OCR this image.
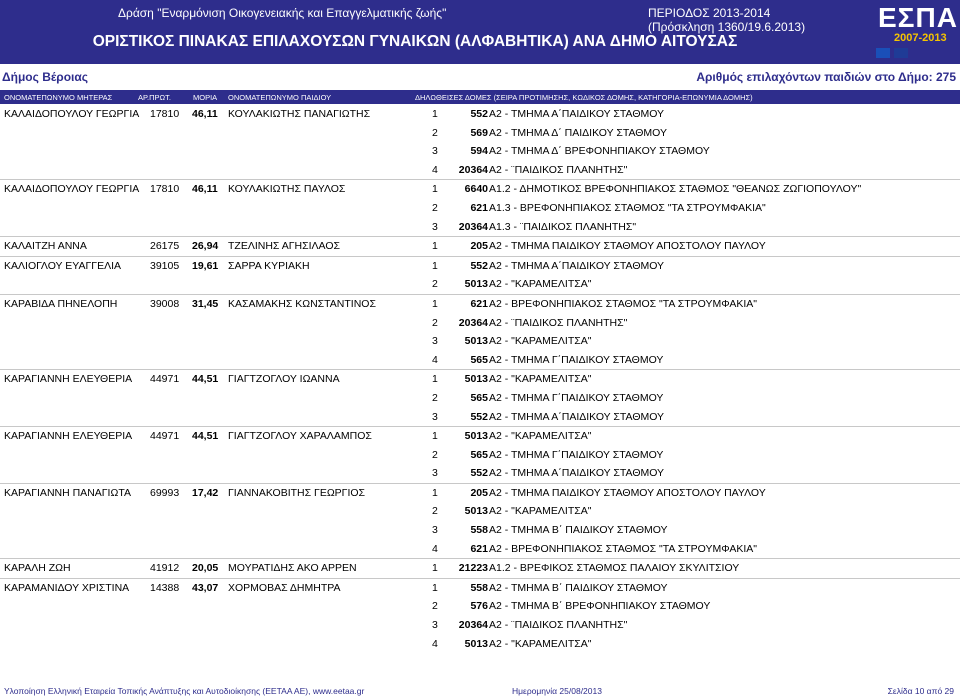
Δράση "Εναρμόνιση Οικογενειακής και Επαγγελματικής ζωής"	ΠΕΡΙΟΔΟΣ 2013-2014 (Πρόσκληση 1360/19.6.2013)
ΟΡΙΣΤΙΚΟΣ ΠΙΝΑΚΑΣ ΕΠΙΛΑΧΟΥΣΩΝ ΓΥΝΑΙΚΩΝ (ΑΛΦΑΒΗΤΙΚΑ) ΑΝΑ ΔΗΜΟ ΑΙΤΟΥΣΑΣ
ΕΣΠΑ
2007-2013
Δήμος Βέροιας	Αριθμός επιλαχόντων παιδιών στο Δήμο: 275
ΟΝΟΜΑΤΕΠΩΝΥΜΟ ΜΗΤΕΡΑΣ	ΑΡ.ΠΡΩΤ.	ΜΟΡΙΑ ΟΝΟΜΑΤΕΠΩΝΥΜΟ ΠΑΙΔΙΟΥ	ΔΗΛΩΘΕΙΣΕΣ ΔΟΜΕΣ (ΣΕΙΡΑ ΠΡΟΤΙΜΗΣΗΣ, ΚΩΔΙΚΟΣ ΔΟΜΗΣ, ΚΑΤΗΓΟΡΙΑ-ΕΠΩΝΥΜΙΑ ΔΟΜΗΣ)
ΚΑΛΑΙΔΟΠΟΥΛΟΥ ΓΕΩΡΓΙΑ 17810 46,11 ΚΟΥΛΑΚΙΩΤΗΣ ΠΑΝΑΓΙΩΤΗΣ	1	552 Α2 - ΤΜΗΜΑ Α΄ΠΑΙΔΙΚΟΥ ΣΤΑΘΜΟΥ
2	569 Α2 - ΤΜΗΜΑ Δ΄ ΠΑΙΔΙΚΟΥ ΣΤΑΘΜΟΥ
3	594 Α2 - ΤΜΗΜΑ Δ΄ ΒΡΕΦΟΝΗΠΙΑΚΟΥ ΣΤΑΘΜΟΥ
4	20364 Α2 - ¨ΠΑΙΔΙΚΟΣ ΠΛΑΝΗΤΗΣ"
ΚΑΛΑΙΔΟΠΟΥΛΟΥ ΓΕΩΡΓΙΑ 17810 46,11 ΚΟΥΛΑΚΙΩΤΗΣ ΠΑΥΛΟΣ	1	6640 Α1.2 - ΔΗΜΟΤΙΚΟΣ ΒΡΕΦΟΝΗΠΙΑΚΟΣ ΣΤΑΘΜΟΣ "ΘΕΑΝΩΣ ΖΩΓΙΟΠΟΥΛΟΥ"
2	621 Α1.3 - ΒΡΕΦΟΝΗΠΙΑΚΟΣ ΣΤΑΘΜΟΣ "ΤΑ ΣΤΡΟΥΜΦΑΚΙΑ"
3	20364 Α1.3 - ¨ΠΑΙΔΙΚΟΣ ΠΛΑΝΗΤΗΣ"
ΚΑΛΑΙΤΖΗ ΑΝΝΑ	26175 26,94 ΤΖΕΛΙΝΗΣ ΑΓΗΣΙΛΑΟΣ	1	205 Α2 - ΤΜΗΜΑ ΠΑΙΔΙΚΟΥ ΣΤΑΘΜΟΥ ΑΠΟΣΤΟΛΟΥ ΠΑΥΛΟΥ
ΚΑΛΙΟΓΛΟΥ ΕΥΑΓΓΕΛΙΑ	39105 19,61 ΣΑΡΡΑ ΚΥΡΙΑΚΗ	1	552 Α2 - ΤΜΗΜΑ Α΄ΠΑΙΔΙΚΟΥ ΣΤΑΘΜΟΥ
2	5013 Α2 - "ΚΑΡΑΜΕΛΙΤΣΑ"
ΚΑΡΑΒΙΔΑ ΠΗΝΕΛΟΠΗ	39008 31,45 ΚΑΣΑΜΑΚΗΣ ΚΩΝΣΤΑΝΤΙΝΟΣ	1	621 Α2 - ΒΡΕΦΟΝΗΠΙΑΚΟΣ ΣΤΑΘΜΟΣ "ΤΑ ΣΤΡΟΥΜΦΑΚΙΑ"
2	20364 Α2 - ¨ΠΑΙΔΙΚΟΣ ΠΛΑΝΗΤΗΣ"
3	5013 Α2 - "ΚΑΡΑΜΕΛΙΤΣΑ"
4	565 Α2 - ΤΜΗΜΑ Γ΄ΠΑΙΔΙΚΟΥ ΣΤΑΘΜΟΥ
ΚΑΡΑΓΙΑΝΝΗ ΕΛΕΥΘΕΡΙΑ 44971 44,51 ΓΙΑΓΤΖΟΓΛΟΥ ΙΩΑΝΝΑ	1	5013 Α2 - "ΚΑΡΑΜΕΛΙΤΣΑ"
2	565 Α2 - ΤΜΗΜΑ Γ΄ΠΑΙΔΙΚΟΥ ΣΤΑΘΜΟΥ
3	552 Α2 - ΤΜΗΜΑ Α΄ΠΑΙΔΙΚΟΥ ΣΤΑΘΜΟΥ
ΚΑΡΑΓΙΑΝΝΗ ΕΛΕΥΘΕΡΙΑ 44971 44,51 ΓΙΑΓΤΖΟΓΛΟΥ ΧΑΡΑΛΑΜΠΟΣ	1	5013 Α2 - "ΚΑΡΑΜΕΛΙΤΣΑ"
2	565 Α2 - ΤΜΗΜΑ Γ΄ΠΑΙΔΙΚΟΥ ΣΤΑΘΜΟΥ
3	552 Α2 - ΤΜΗΜΑ Α΄ΠΑΙΔΙΚΟΥ ΣΤΑΘΜΟΥ
ΚΑΡΑΓΙΑΝΝΗ ΠΑΝΑΓΙΩΤΑ 69993 17,42 ΓΙΑΝΝΑΚΟΒΙΤΗΣ ΓΕΩΡΓΙΟΣ	1	205 Α2 - ΤΜΗΜΑ ΠΑΙΔΙΚΟΥ ΣΤΑΘΜΟΥ ΑΠΟΣΤΟΛΟΥ ΠΑΥΛΟΥ
2	5013 Α2 - "ΚΑΡΑΜΕΛΙΤΣΑ"
3	558 Α2 - ΤΜΗΜΑ Β΄ ΠΑΙΔΙΚΟΥ ΣΤΑΘΜΟΥ
4	621 Α2 - ΒΡΕΦΟΝΗΠΙΑΚΟΣ ΣΤΑΘΜΟΣ "ΤΑ ΣΤΡΟΥΜΦΑΚΙΑ"
ΚΑΡΑΛΗ ΖΩΗ	41912 20,05 ΜΟΥΡΑΤΙΔΗΣ ΑΚΟ ΑΡΡΕΝ	1	21223 Α1.2 - ΒΡΕΦΙΚΟΣ ΣΤΑΘΜΟΣ ΠΑΛΑΙΟΥ ΣΚΥΛΙΤΣΙΟΥ
ΚΑΡΑΜΑΝΙΔΟΥ ΧΡΙΣΤΙΝΑ 14388 43,07 ΧΟΡΜΟΒΑΣ ΔΗΜΗΤΡΑ	1	558 Α2 - ΤΜΗΜΑ Β΄ ΠΑΙΔΙΚΟΥ ΣΤΑΘΜΟΥ
2	576 Α2 - ΤΜΗΜΑ Β΄ ΒΡΕΦΟΝΗΠΙΑΚΟΥ ΣΤΑΘΜΟΥ
3	20364 Α2 - ¨ΠΑΙΔΙΚΟΣ ΠΛΑΝΗΤΗΣ"
4	5013 Α2 - "ΚΑΡΑΜΕΛΙΤΣΑ"
Υλοποίηση Ελληνική Εταιρεία Τοπικής Ανάπτυξης και Αυτοδιοίκησης (ΕΕΤΑΑ ΑΕ), www.eetaa.gr	Ημερομηνία 25/08/2013	Σελίδα 10 από 29
